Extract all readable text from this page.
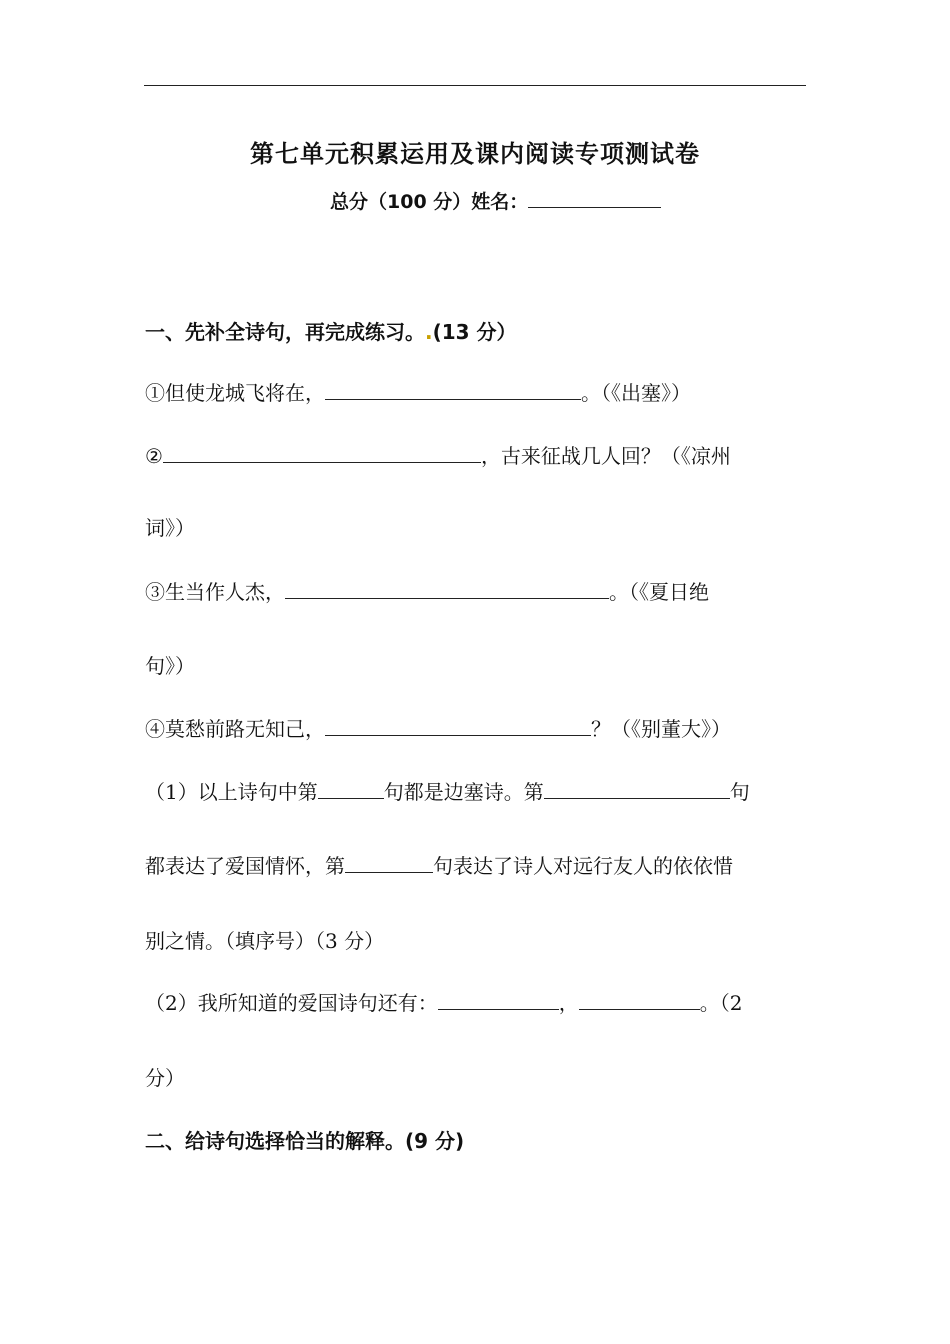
第七单元积累运用及课内阅读专项测试卷
总分（100 分）姓名：
一、先补全诗句，再完成练习。.(13 分）
①但使龙城飞将在，	。（《出塞》）
②	，古来征战几人回？（《凉州
词》）
③生当作人杰，	。（《夏日绝
句》）
④莫愁前路无知己，	？（《别董大》）
（1）以上诗句中第	句都是边塞诗。第	句
都表达了爱国情怀，第	句表达了诗人对远行友人的依依惜
别之情。（填序号）（3 分）
（2）我所知道的爱国诗句还有：	，	。（2
分）
二、给诗句选择恰当的解释。(9 分)
